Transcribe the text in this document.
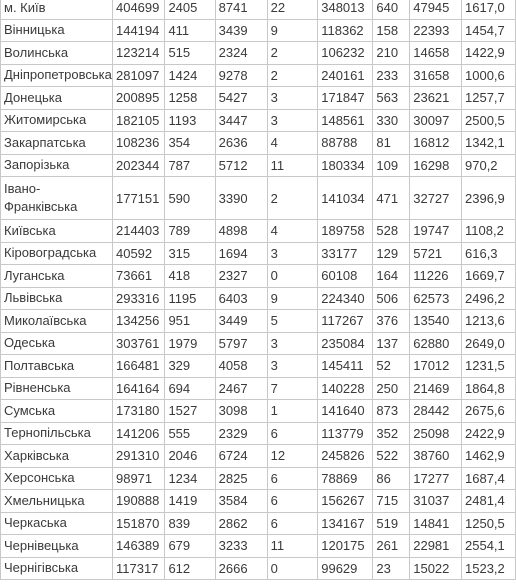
м. Київ	404699	2405	8741	22	348013	640	47945	1617,0
Вінницька	144194	411	3439	9	118362	158	22393	1454,7
Волинська	123214	515	2324	2	106232	210	14658	1422,9
Дніпропетровська	281097	1424	9278	2	240161	233	31658	1000,6
Донецька	200895	1258	5427	3	171847	563	23621	1257,7
Житомирська	182105	1193	3447	3	148561	330	30097	2500,5
Закарпатська	108236	354	2636	4	88788	81	16812	1342,1
Запорізька	202344	787	5712	11	180334	109	16298	970,2
Івано-
Франківська	177151	590	3390	2	141034	471	32727	2396,9
Київська	214403	789	4898	4	189758	528	19747	1108,2
Кіровоградська	40592	315	1694	3	33177	129	5721	616,3
Луганська	73661	418	2327	0	60108	164	11226	1669,7
Львівська	293316	1195	6403	9	224340	506	62573	2496,2
Миколаївська	134256	951	3449	5	117267	376	13540	1213,6
Одеська	303761	1979	5797	3	235084	137	62880	2649,0
Полтавська	166481	329	4058	3	145411	52	17012	1231,5
Рівненська	164164	694	2467	7	140228	250	21469	1864,8
Сумська	173180	1527	3098	1	141640	873	28442	2675,6
Тернопільська	141206	555	2329	6	113779	352	25098	2422,9
Харківська	291310	2046	6724	12	245826	522	38760	1462,9
Херсонська	98971	1234	2825	6	78869	86	17277	1687,4
Хмельницька	190888	1419	3584	6	156267	715	31037	2481,4
Черкаська	151870	839	2862	6	134167	519	14841	1250,5
Чернівецька	146389	679	3233	11	120175	261	22981	2554,1
Чернігівська	117317	612	2666	0	99629	23	15022	1523,2
